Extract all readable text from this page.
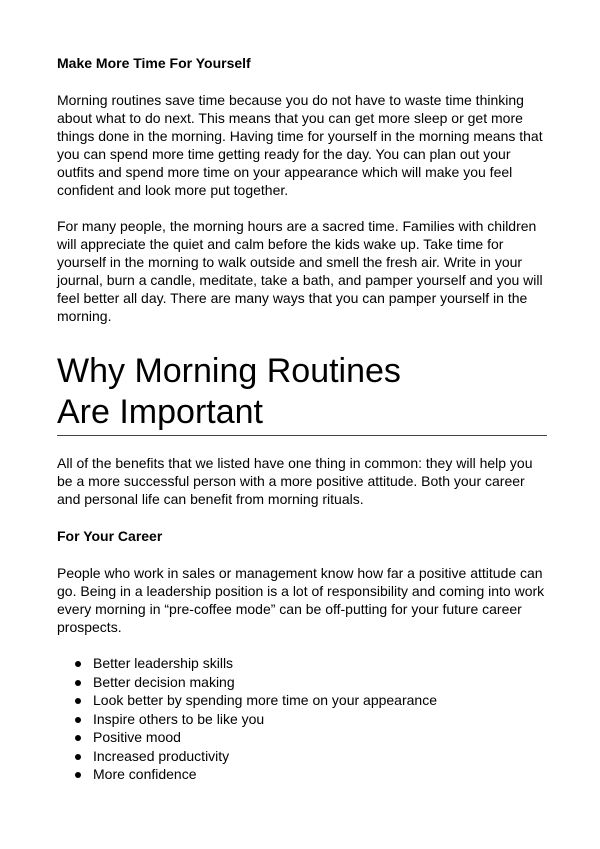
Make More Time For Yourself

Morning routines save time because you do not have to waste time thinking about what to do next. This means that you can get more sleep or get more things done in the morning. Having time for yourself in the morning means that you can spend more time getting ready for the day. You can plan out your outfits and spend more time on your appearance which will make you feel confident and look more put together.

For many people, the morning hours are a sacred time. Families with children will appreciate the quiet and calm before the kids wake up. Take time for yourself in the morning to walk outside and smell the fresh air. Write in your journal, burn a candle, meditate, take a bath, and pamper yourself and you will feel better all day. There are many ways that you can pamper yourself in the morning.

Why Morning Routines
Are Important

All of the benefits that we listed have one thing in common: they will help you be a more successful person with a more positive attitude. Both your career and personal life can benefit from morning rituals.

For Your Career

People who work in sales or management know how far a positive attitude can go. Being in a leadership position is a lot of responsibility and coming into work every morning in “pre-coffee mode” can be off-putting for your future career prospects.

Better leadership skills
Better decision making
Look better by spending more time on your appearance
Inspire others to be like you
Positive mood
Increased productivity
More confidence
